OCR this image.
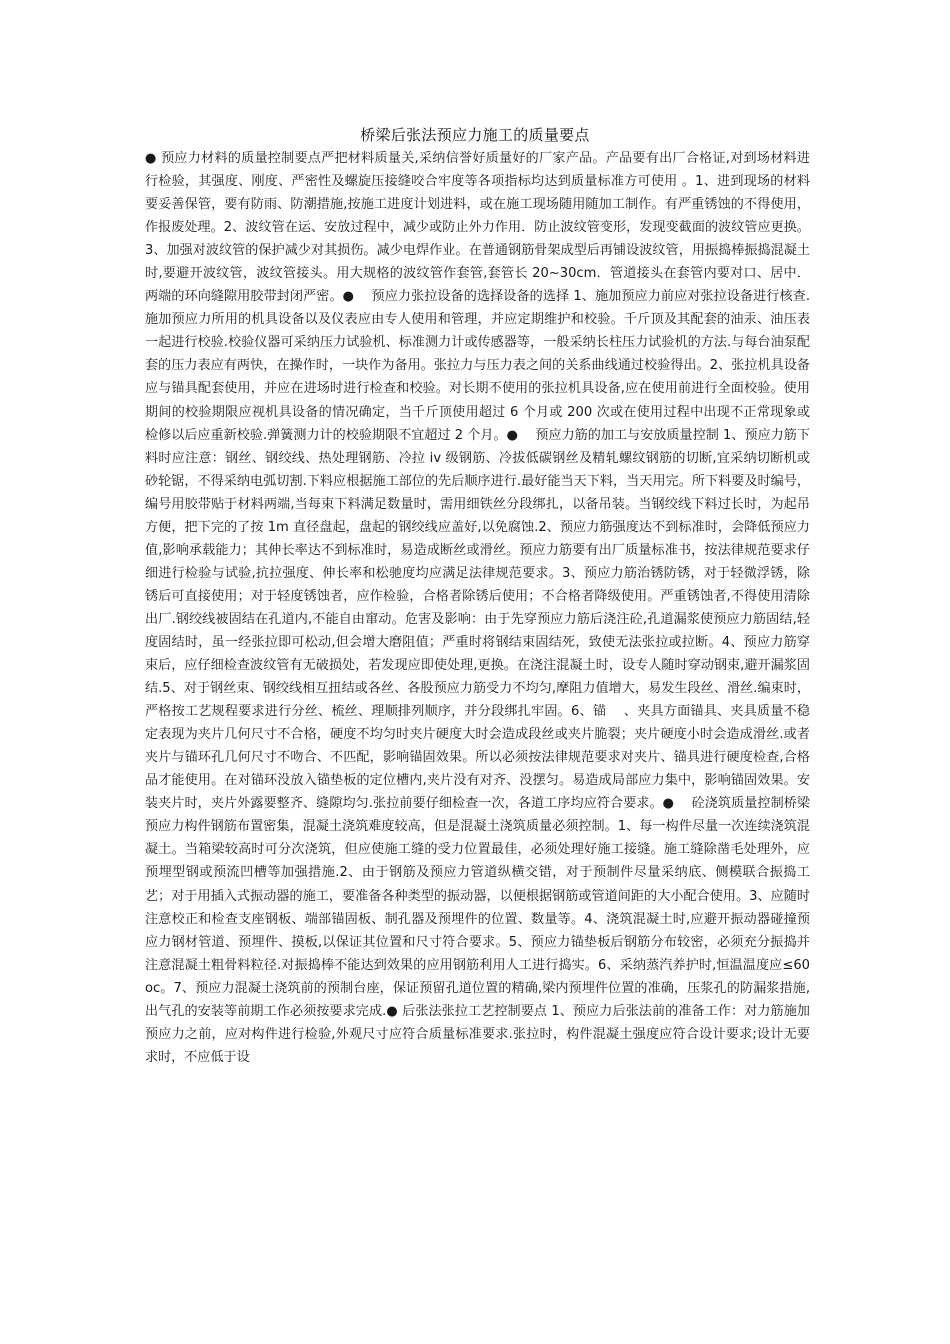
桥梁后张法预应力施工的质量要点
● 预应力材料的质量控制要点严把材料质量关,采纳信誉好质量好的厂家产品。产品要有出厂合格证,对到场材料进行检验，其强度、刚度、严密性及螺旋压接缝咬合牢度等各项指标均达到质量标准方可使用 。1、进到现场的材料要妥善保管，要有防雨、防潮措施,按施工进度计划进料，或在施工现场随用随加工制作。有严重锈蚀的不得使用，作报废处理。2、波纹管在运、安放过程中，减少或防止外力作用．防止波纹管变形，发现变截面的波纹管应更换。3、加强对波纹管的保护减少对其损伤。减少电焊作业。在普通钢筋骨架成型后再铺设波纹管，用振捣棒振捣混凝土时,要避开波纹管，波纹管接头。用大规格的波纹管作套管,套管长 20~30cm．管道接头在套管内要对口、居中．两端的环向缝隙用胶带封闭严密。●　 预应力张拉设备的选择设备的选择 1、施加预应力前应对张拉设备进行核查.施加预应力所用的机具设备以及仪表应由专人使用和管理，并应定期维护和校验。千斤顶及其配套的油汞、油压表一起进行校验.校验仪器可采纳压力试验机、标准测力计或传感器等，一般采纳长柱压力试验机的方法.与每台油泵配套的压力表应有两快，在操作时，一块作为备用。张拉力与压力表之间的关系曲线通过校验得出。2、张拉机具设备应与锚具配套使用，并应在进场时进行检查和校验。对长期不使用的张拉机具设备,应在使用前进行全面校验。使用期间的校验期限应视机具设备的情况确定，当千斤顶使用超过 6 个月或 200 次或在使用过程中出现不正常现象或检修以后应重新校验.弹簧测力计的校验期限不宜超过 2 个月。●　 预应力筋的加工与安放质量控制 1、预应力筋下料时应注意：钢丝、钢绞线、热处理钢筋、冷拉 iv 级钢筋、冷拔低碳钢丝及精轧螺纹钢筋的切断,宜采纳切断机或砂轮锯，不得采纳电弧切割.下料应根据施工部位的先后顺序进行.最好能当天下料，当天用完。所下料要及时编号，编号用胶带贴于材料两端,当每束下料满足数量时，需用细铁丝分段绑扎，以备吊装。当钢绞线下料过长时，为起吊方便，把下完的了按 1m 直径盘起，盘起的钢绞线应盖好,以免腐蚀.2、预应力筋强度达不到标准时，会降低预应力值,影响承载能力；其伸长率达不到标准时，易造成断丝或滑丝。预应力筋要有出厂质量标准书，按法律规范要求仔细进行检验与试验,抗拉强度、伸长率和松驰度均应满足法律规范要求。3、预应力筋治锈防锈，对于轻微浮锈，除锈后可直接使用；对于轻度锈蚀者，应作检验，合格者除锈后使用；不合格者降级使用。严重锈蚀者,不得使用清除出厂.钢绞线被固结在孔道内,不能自由窜动。危害及影响：由于先穿预应力筋后浇注砼,孔道漏浆使预应力筋固结,轻度固结时，虽一经张拉即可松动,但会增大磨阻值；严重时将钢结束固结死，致使无法张拉或拉断。4、预应力筋穿束后，应仔细检查波纹管有无破损处，若发现应即使处理,更换。在浇注混凝土时，设专人随时穿动钢束,避开漏浆固结.5、对于钢丝束、钢绞线相互扭结或各丝、各股预应力筋受力不均匀,摩阻力值增大，易发生段丝、滑丝.编束时，严格按工艺规程要求进行分丝、梳丝、理顺排列顺序，并分段绑扎牢固。6、锚　 、夹具方面锚具、夹具质量不稳定表现为夹片几何尺寸不合格，硬度不均匀时夹片硬度大时会造成段丝或夹片脆裂；夹片硬度小时会造成滑丝.或者夹片与锚环孔几何尺寸不吻合、不匹配，影响锚固效果。所以必须按法律规范要求对夹片、锚具进行硬度检查,合格品才能使用。在对锚环没放入锚垫板的定位槽内,夹片没有对齐、没摆匀。易造成局部应力集中，影响锚固效果。安装夹片时，夹片外露要整齐、缝隙均匀.张拉前要仔细检查一次，各道工序均应符合要求。●　 砼浇筑质量控制桥梁预应力构件钢筋布置密集，混凝土浇筑难度较高，但是混凝土浇筑质量必须控制。1、每一构件尽量一次连续浇筑混凝土。当箱梁较高时可分次浇筑，但应使施工缝的受力位置最佳，必须处理好施工接缝。施工缝除凿毛处理外，应预埋型钢或预流凹槽等加强措施.2、由于钢筋及预应力管道纵横交错，对于预制件尽量采纳底、侧模联合振捣工艺；对于用插入式振动器的施工，要准备各种类型的振动器，以便根据钢筋或管道间距的大小配合使用。3、应随时注意校正和检查支座钢板、端部锚固板、制孔器及预埋件的位置、数量等。4、浇筑混凝土时,应避开振动器碰撞预应力钢材管道、预埋件、摸板,以保证其位置和尺寸符合要求。5、预应力锚垫板后钢筋分布较密，必须充分振捣并注意混凝土粗骨料粒径.对振捣棒不能达到效果的应用钢筋利用人工进行捣实。6、采纳蒸汽养护时,恒温温度应≤60oc。7、预应力混凝土浇筑前的预制台座，保证预留孔道位置的精确,梁内预埋件位置的准确，压浆孔的防漏浆措施,出气孔的安装等前期工作必须按要求完成.● 后张法张拉工艺控制要点 1、预应力后张法前的准备工作：对力筋施加预应力之前，应对构件进行检验,外观尺寸应符合质量标准要求.张拉时，构件混凝土强度应符合设计要求;设计无要求时，不应低于设
